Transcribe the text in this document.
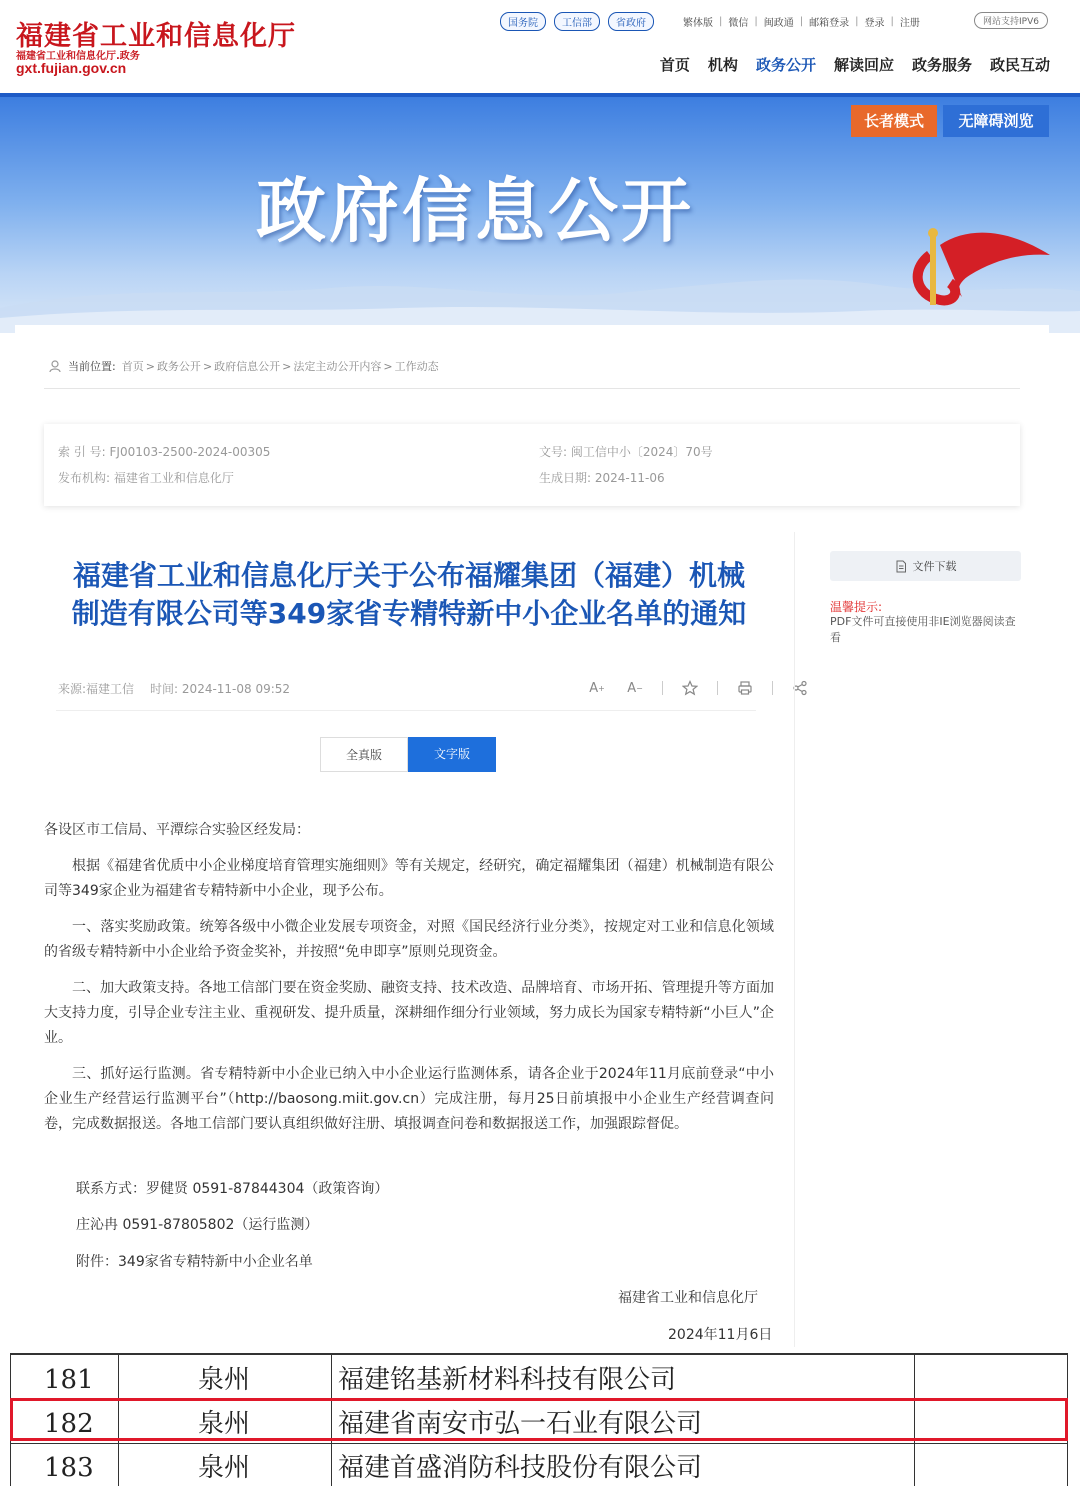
福建省工业和信息化厅
福建省工业和信息化厅.政务
gxt.fujian.gov.cn
国务院	工信部	省政府	繁体版 | 微信 | 闽政通 | 邮箱登录 | 登录 | 注册	网站支持IPV6
首页 机构 政务公开 解读回应 政务服务 政民互动
政府信息公开
长者模式	无障碍浏览
当前位置: 首页 > 政务公开 > 政府信息公开 > 法定主动公开内容 > 工作动态
索 引 号: FJ00103-2500-2024-00305	文号: 闽工信中小〔2024〕70号
发布机构: 福建省工业和信息化厅	生成日期: 2024-11-06
福建省工业和信息化厅关于公布福耀集团（福建）机械
制造有限公司等349家省专精特新中小企业名单的通知
来源:福建工信 时间: 2024-11-08 09:52	A + A −
文件下载
温馨提示:
PDF文件可直接使用非IE浏览器阅读查看
全真版	文字版

各设区市工信局、平潭综合实验区经发局：

根据《福建省优质中小企业梯度培育管理实施细则》等有关规定，经研究，确定福耀集团（福建）机械制造有限公司等349家企业为福建省专精特新中小企业，现予公布。

一、落实奖励政策。统筹各级中小微企业发展专项资金，对照《国民经济行业分类》，按规定对工业和信息化领域的省级专精特新中小企业给予资金奖补，并按照“免申即享”原则兑现资金。

二、加大政策支持。各地工信部门要在资金奖励、融资支持、技术改造、品牌培育、市场开拓、管理提升等方面加大支持力度，引导企业专注主业、重视研发、提升质量，深耕细作细分行业领域，努力成长为国家专精特新“小巨人”企业。

三、抓好运行监测。省专精特新中小企业已纳入中小企业运行监测体系，请各企业于2024年11月底前登录“中小企业生产经营运行监测平台”（http://baosong.miit.gov.cn）完成注册，每月25日前填报中小企业生产经营调查问卷，完成数据报送。各地工信部门要认真组织做好注册、填报调查问卷和数据报送工作，加强跟踪督促。

联系方式：罗健贤 0591-87844304（政策咨询）
庄沁冉 0591-87805802（运行监测）
附件：349家省专精特新中小企业名单
福建省工业和信息化厅
2024年11月6日
181	泉州	福建铭基新材料科技有限公司
182	泉州	福建省南安市弘一石业有限公司
183	泉州	福建首盛消防科技股份有限公司
